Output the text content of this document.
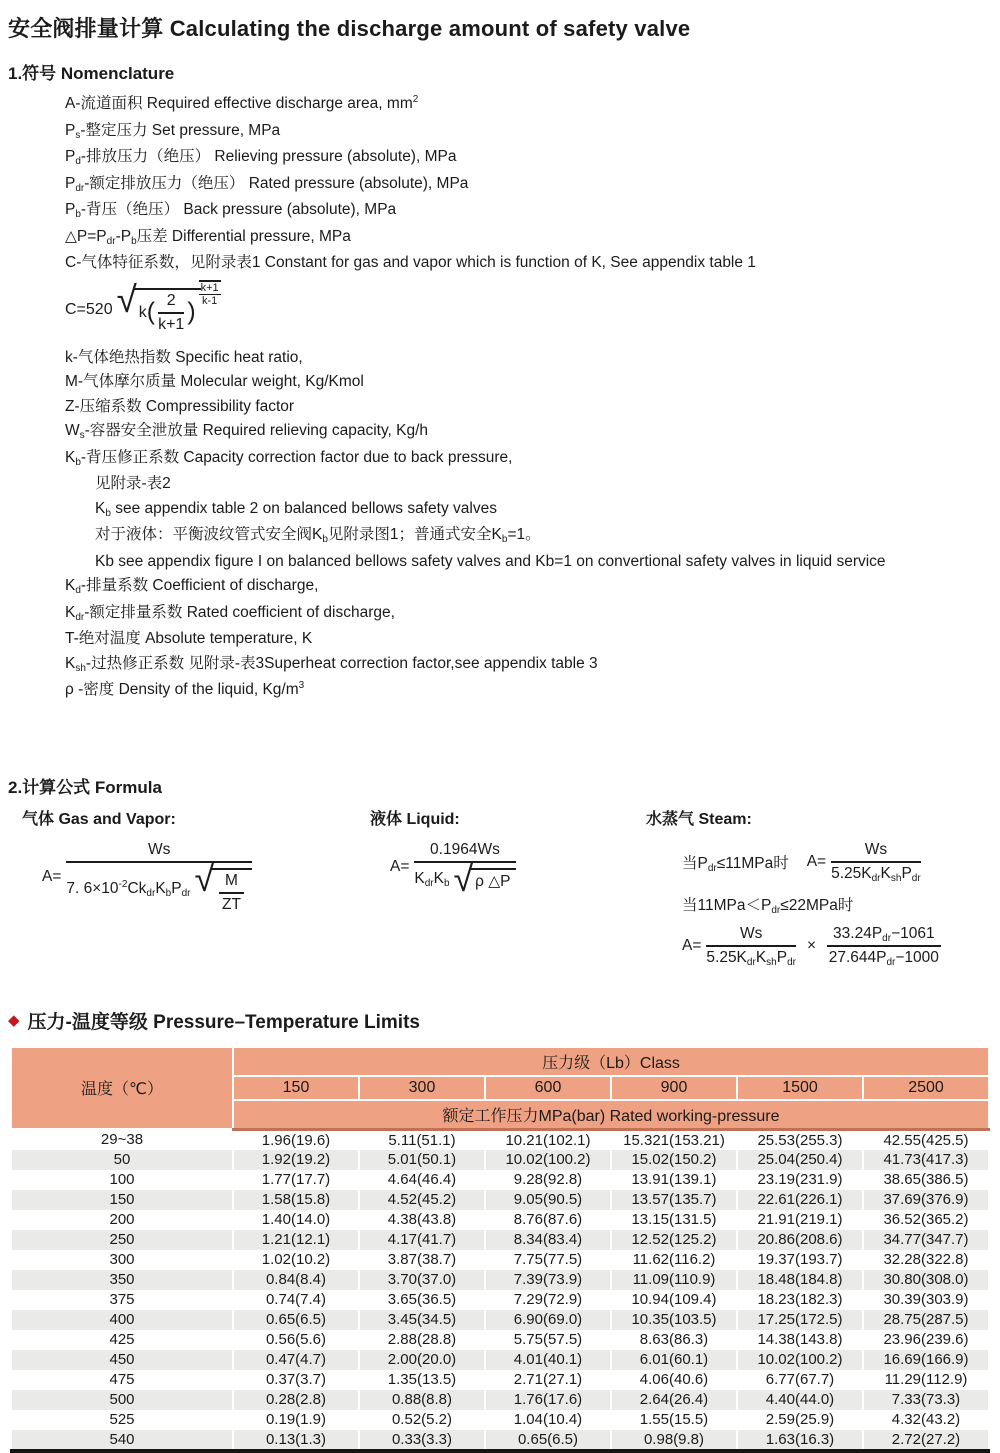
安全阀排量计算 Calculating the discharge amount of safety valve
1.符号 Nomenclature
A-流道面积 Required effective discharge area, $mm^2$
$P_s-$整定压力 Set pressure, MPa
$P_d-$排放压力（绝压） Relieving pressure (absolute), MPa
$P_{dr}-$额定排放压力（绝压） Rated pressure (absolute), MPa
$P_b-$背压（绝压） Back pressure (absolute), MPa
$\triangle P=P_{dr}-P_b$压差 Differential pressure, MPa
C-气体特征系数，见附录表1 Constant for gas and vapor which is function of K, See appendix table 1
C=520 √ $k( \frac{2}{k+1}$ )
k+1
k-1
k-气体绝热指数 Specific heat ratio,
M-气体摩尔质量 Molecular weight, Kg/Kmol
Z-压缩系数 Compressibility factor
$W_s-$容器安全泄放量 Required relieving capacity, Kg/h
$K_b-$背压修正系数 Capacity correction factor due to back pressure,
见附录-表2
$K_b$ see appendix table 2 on balanced bellows safety valves
对于液体：平衡波纹管式安全阀$K_b$见附录图1；普通式安全$K_b=1$。
Kb see appendix figure I on balanced bellows safety valves and Kb=1 on convertional safety valves in liquid service
$K_d-$排量系数 Coefficient of discharge,
$K_{dr}-$额定排量系数 Rated coefficient of discharge,
T-绝对温度 Absolute temperature, K
$K_{sh}-$过热修正系数 见附录-表3Superheat correction factor,see appendix table 3
ρ -密度 Density of the liquid, $Kg/m^3$
2.计算公式 Formula
气体 Gas and Vapor:
$A= \frac{Ws}{7. 6\times 10^{-2}Ck_{dr}K_bP_{dr} √ \frac{M}{ZT}}$
液体 Liquid:
$A= \frac{0.1964Ws}{K_{dr}K_b √ \rho \triangle P}$
水蒸气 Steam:
当$P_{dr}\le 11MPa$时 $A= \frac{Ws}{5.25K_{dr}K_{sh}P_{dr}}$
当$11MPa<P_{dr}\le 22MPa$时
$A= \frac{Ws}{5.25K_{dr}K_{sh}P_{dr}} \times \frac{33.24P_{dr}-1061}{27.644P_{dr}-1000}$
◆ 压力-温度等级 Pressure–Temperature Limits
温度（℃）	压力级（Lb）Class					
	150	300	600	900	1500	2500
	额定工作压力MPa(bar) Rated working-pressure					
29~38	1.96(19.6)	5.11(51.1)	10.21(102.1)	15.321(153.21)	25.53(255.3)	42.55(425.5)
50	1.92(19.2)	5.01(50.1)	10.02(100.2)	15.02(150.2)	25.04(250.4)	41.73(417.3)
100	1.77(17.7)	4.64(46.4)	9.28(92.8)	13.91(139.1)	23.19(231.9)	38.65(386.5)
150	1.58(15.8)	4.52(45.2)	9.05(90.5)	13.57(135.7)	22.61(226.1)	37.69(376.9)
200	1.40(14.0)	4.38(43.8)	8.76(87.6)	13.15(131.5)	21.91(219.1)	36.52(365.2)
250	1.21(12.1)	4.17(41.7)	8.34(83.4)	12.52(125.2)	20.86(208.6)	34.77(347.7)
300	1.02(10.2)	3.87(38.7)	7.75(77.5)	11.62(116.2)	19.37(193.7)	32.28(322.8)
350	0.84(8.4)	3.70(37.0)	7.39(73.9)	11.09(110.9)	18.48(184.8)	30.80(308.0)
375	0.74(7.4)	3.65(36.5)	7.29(72.9)	10.94(109.4)	18.23(182.3)	30.39(303.9)
400	0.65(6.5)	3.45(34.5)	6.90(69.0)	10.35(103.5)	17.25(172.5)	28.75(287.5)
425	0.56(5.6)	2.88(28.8)	5.75(57.5)	8.63(86.3)	14.38(143.8)	23.96(239.6)
450	0.47(4.7)	2.00(20.0)	4.01(40.1)	6.01(60.1)	10.02(100.2)	16.69(166.9)
475	0.37(3.7)	1.35(13.5)	2.71(27.1)	4.06(40.6)	6.77(67.7)	11.29(112.9)
500	0.28(2.8)	0.88(8.8)	1.76(17.6)	2.64(26.4)	4.40(44.0)	7.33(73.3)
525	0.19(1.9)	0.52(5.2)	1.04(10.4)	1.55(15.5)	2.59(25.9)	4.32(43.2)
540	0.13(1.3)	0.33(3.3)	0.65(6.5)	0.98(9.8)	1.63(16.3)	2.72(27.2)
